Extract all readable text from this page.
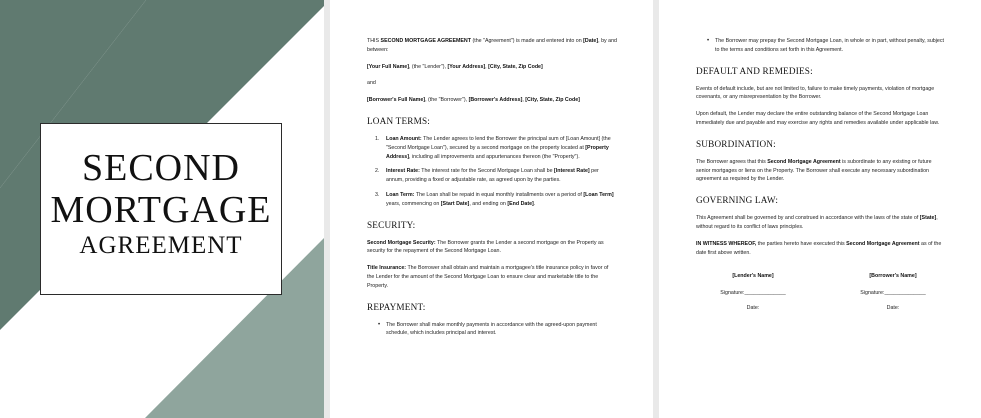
SECOND
MORTGAGE
AGREEMENT

THIS SECOND MORTGAGE AGREEMENT (the "Agreement") is made and entered into on [Date], by and between:

[Your Full Name], (the "Lender"), [Your Address], [City, State, Zip Code]

and

[Borrower's Full Name], (the "Borrower"), [Borrower's Address], [City, State, Zip Code]

LOAN TERMS:
1. Loan Amount: The Lender agrees to lend the Borrower the principal sum of [Loan Amount] (the "Second Mortgage Loan"), secured by a second mortgage on the property located at [Property Address], including all improvements and appurtenances thereon (the "Property").
2. Interest Rate: The interest rate for the Second Mortgage Loan shall be [Interest Rate] per annum, providing a fixed or adjustable rate, as agreed upon by the parties.
3. Loan Term: The Loan shall be repaid in equal monthly installments over a period of [Loan Term] years, commencing on [Start Date], and ending on [End Date].
SECURITY:

Second Mortgage Security: The Borrower grants the Lender a second mortgage on the Property as security for the repayment of the Second Mortgage Loan.

Title Insurance: The Borrower shall obtain and maintain a mortgagee's title insurance policy in favor of the Lender for the amount of the Second Mortgage Loan to ensure clear and marketable title to the Property.

REPAYMENT:
• The Borrower shall make monthly payments in accordance with the agreed-upon payment schedule, which includes principal and interest.
• The Borrower may prepay the Second Mortgage Loan, in whole or in part, without penalty, subject to the terms and conditions set forth in this Agreement.
DEFAULT AND REMEDIES:

Events of default include, but are not limited to, failure to make timely payments, violation of mortgage covenants, or any misrepresentation by the Borrower.

Upon default, the Lender may declare the entire outstanding balance of the Second Mortgage Loan immediately due and payable and may exercise any rights and remedies available under applicable law.

SUBORDINATION:

The Borrower agrees that this Second Mortgage Agreement is subordinate to any existing or future senior mortgages or liens on the Property. The Borrower shall execute any necessary subordination agreement as required by the Lender.

GOVERNING LAW:

This Agreement shall be governed by and construed in accordance with the laws of the state of [State], without regard to its conflict of laws principles.

IN WITNESS WHEREOF, the parties hereto have executed this Second Mortgage Agreement as of the date first above written.

[Lender's Name]
Signature:______________
Date:
[Borrower's Name]
Signature:______________
Date:
